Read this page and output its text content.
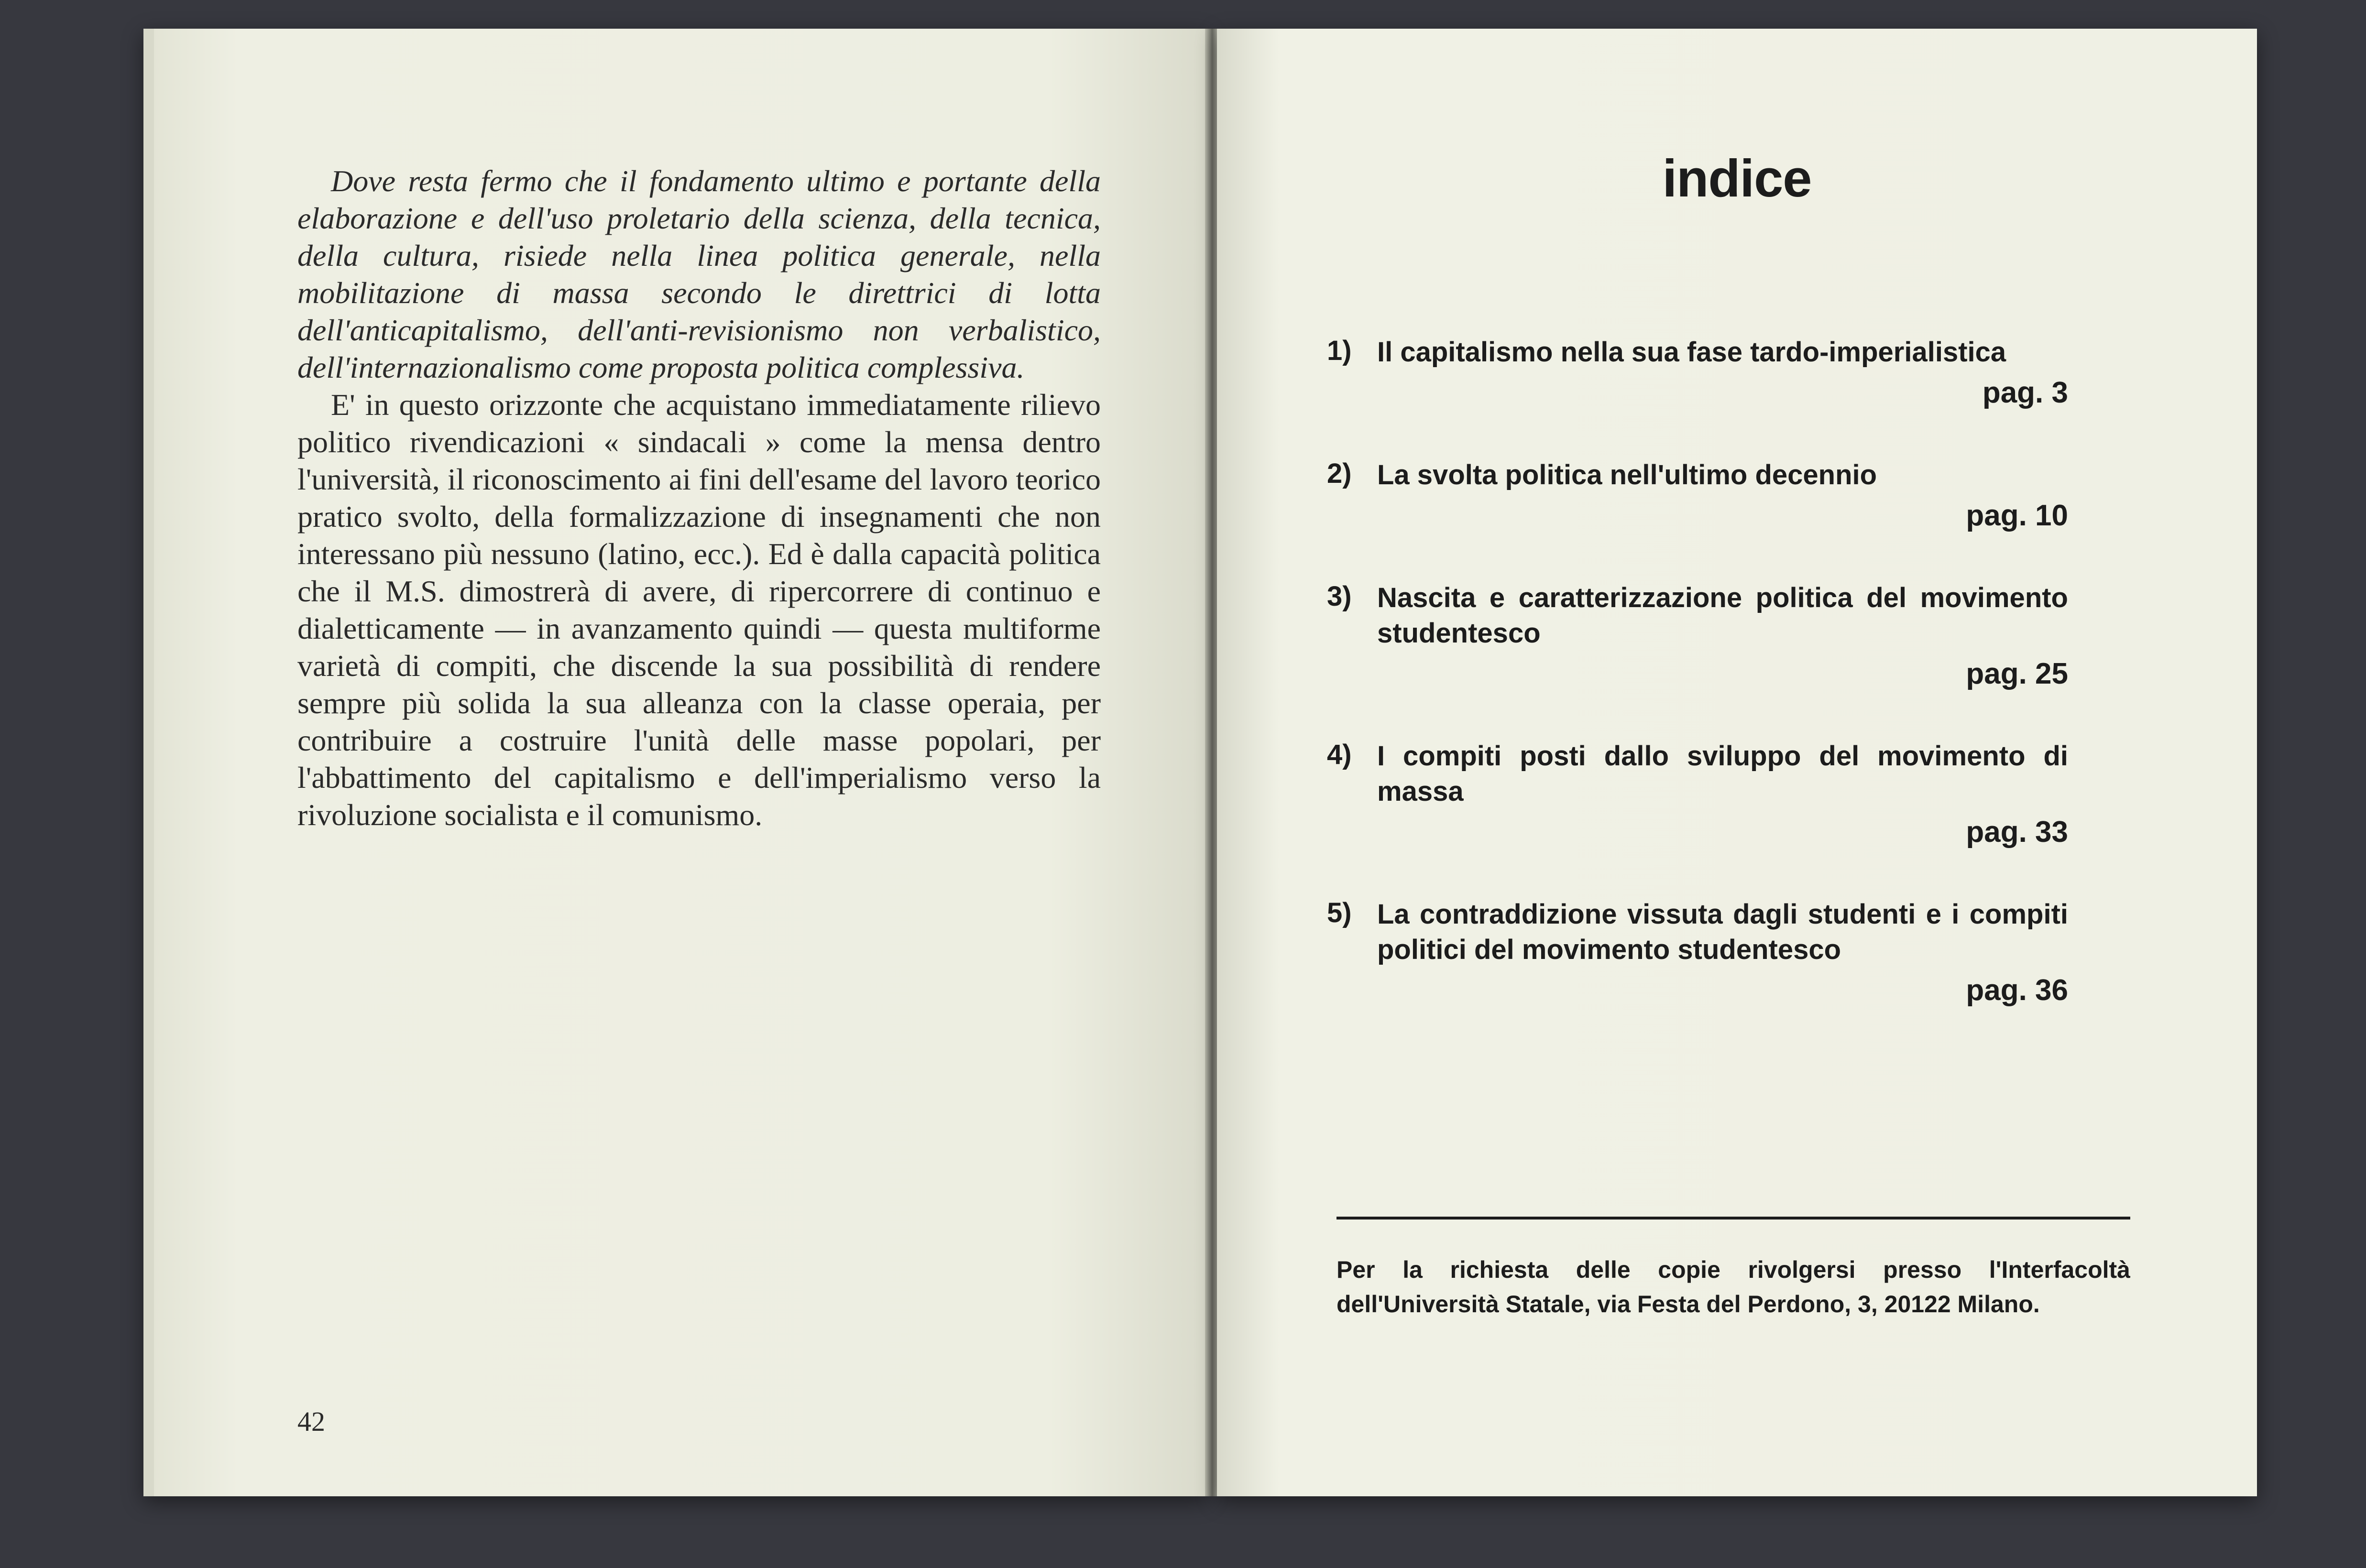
Dove resta fermo che il fondamento ultimo e portante della elaborazione e dell'uso proletario della scienza, della tecnica, della cultura, risiede nella linea politica generale, nella mobilitazione di massa secondo le direttrici di lotta dell'anticapitalismo, dell'anti-revisionismo non verbalistico, dell'internazionalismo come proposta politica complessiva.

E' in questo orizzonte che acquistano immediatamente rilievo politico rivendicazioni « sindacali » come la mensa dentro l'università, il riconoscimento ai fini dell'esame del lavoro teorico pratico svolto, della formalizzazione di insegnamenti che non interessano più nessuno (latino, ecc.). Ed è dalla capacità politica che il M.S. dimostrerà di avere, di ripercorrere di continuo e dialetticamente — in avanzamento quindi — questa multiforme varietà di compiti, che discende la sua possibilità di rendere sempre più solida la sua alleanza con la classe operaia, per contribuire a costruire l'unità delle masse popolari, per l'abbattimento del capitalismo e dell'imperialismo verso la rivoluzione socialista e il comunismo.

42
indice
1) Il capitalismo nella sua fase tardo-imperialistica
pag. 3
2) La svolta politica nell'ultimo decennio
pag. 10
3) Nascita e caratterizzazione politica del movimento studentesco
pag. 25
4) I compiti posti dallo sviluppo del movimento di massa
pag. 33
5) La contraddizione vissuta dagli studenti e i compiti politici del movimento studentesco
pag. 36
Per la richiesta delle copie rivolgersi presso l'Interfacoltà dell'Università Statale, via Festa del Perdono, 3, 20122 Milano.
